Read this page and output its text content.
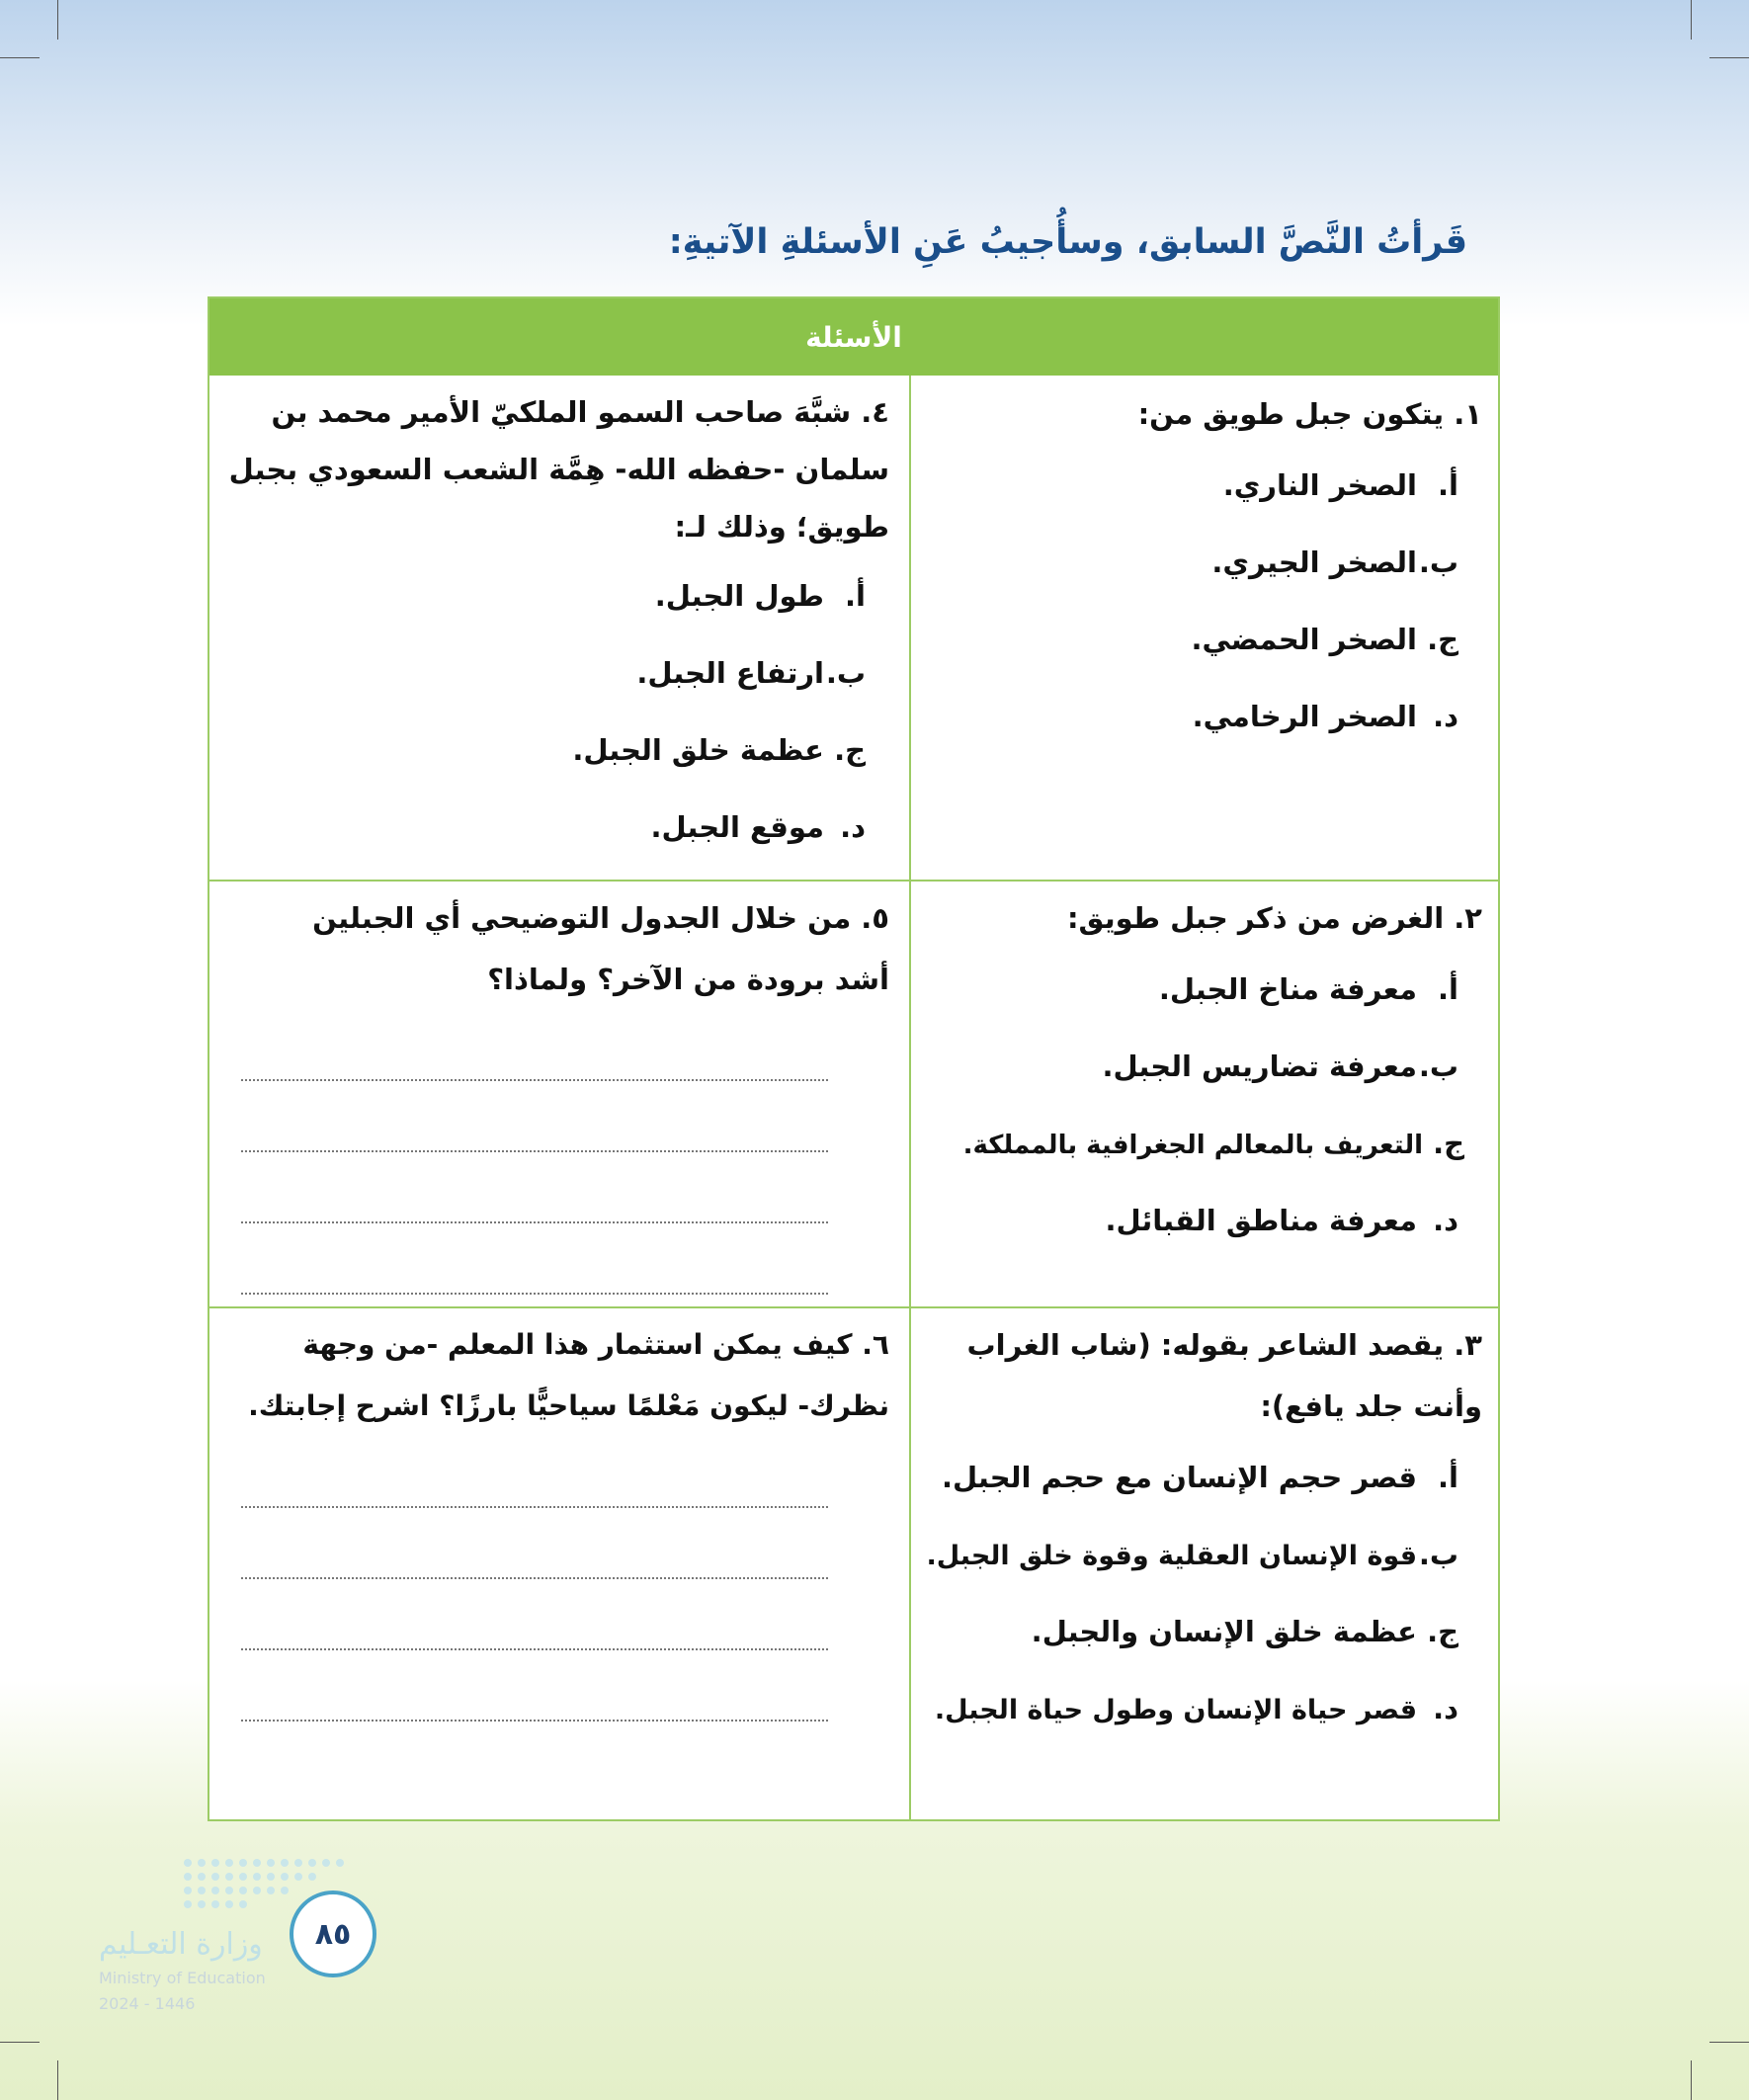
قَرأتُ النَّصَّ السابق، وسأُجيبُ عَنِ الأسئلةِ الآتيةِ:
الأسئلة
١. يتكون جبل طويق من:
أ.الصخر الناري.
ب.الصخر الجيري.
ج.الصخر الحمضي.
د.الصخر الرخامي.
٤. شبَّهَ صاحب السمو الملكيّ الأمير محمد بن سلمان -حفظه الله- هِمَّة الشعب السعودي بجبل طويق؛ وذلك لـ:
أ.طول الجبل.
ب.ارتفاع الجبل.
ج.عظمة خلق الجبل.
د.موقع الجبل.
٢. الغرض من ذكر جبل طويق:
أ.معرفة مناخ الجبل.
ب.معرفة تضاريس الجبل.
ج.التعريف بالمعالم الجغرافية بالمملكة.
د.معرفة مناطق القبائل.
٥. من خلال الجدول التوضيحي أي الجبلين أشد برودة من الآخر؟ ولماذا؟
٣. يقصد الشاعر بقوله: (شاب الغراب وأنت جلد يافع):
أ.قصر حجم الإنسان مع حجم الجبل.
ب.قوة الإنسان العقلية وقوة خلق الجبل.
ج.عظمة خلق الإنسان والجبل.
د.قصر حياة الإنسان وطول حياة الجبل.
٦. كيف يمكن استثمار هذا المعلم -من وجهة نظرك- ليكون مَعْلمًا سياحيًّا بارزًا؟ اشرح إجابتك.
٨٥
وزارة التعـليم
Ministry of Education
2024 - 1446
